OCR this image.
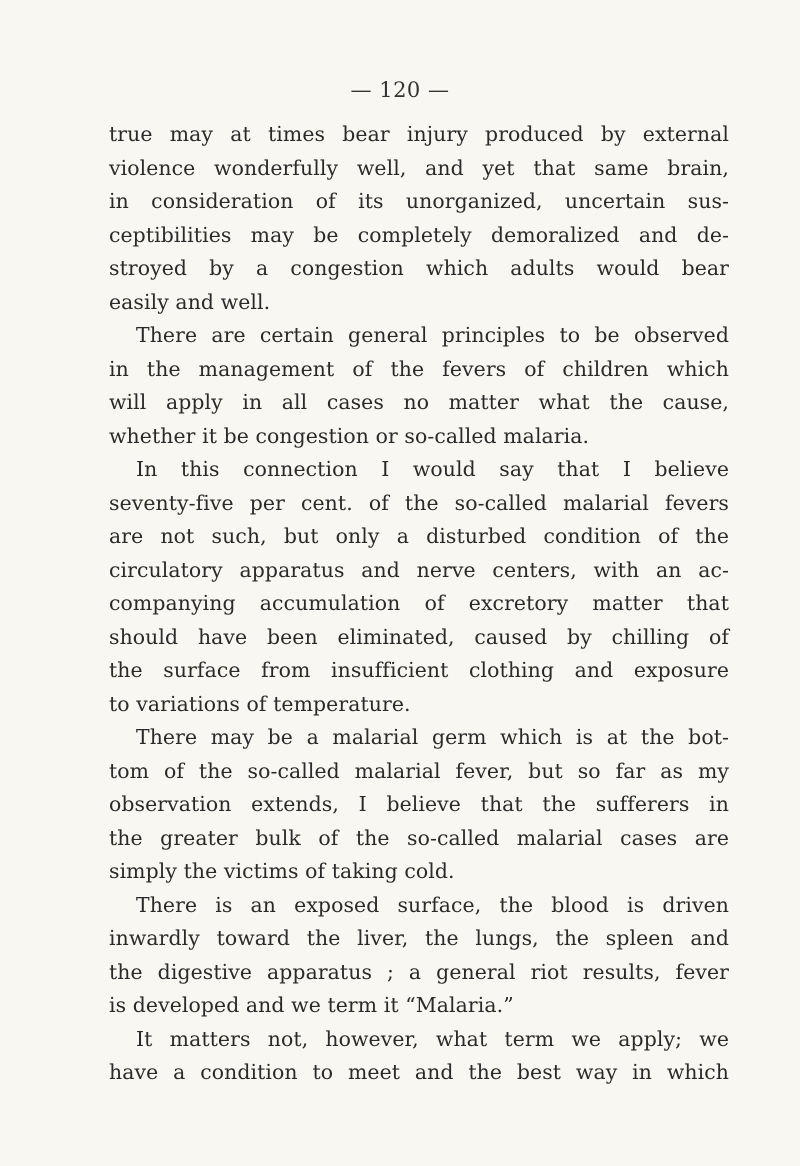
— 120 —
true may at times bear injury produced by external
violence wonderfully well, and yet that same brain,
in consideration of its unorganized, uncertain sus-
ceptibilities may be completely demoralized and de-
stroyed by a congestion which adults would bear
easily and well.
There are certain general principles to be observed
in the management of the fevers of children which
will apply in all cases no matter what the cause,
whether it be congestion or so-called malaria.
In this connection I would say that I believe
seventy-five per cent. of the so-called malarial fevers
are not such, but only a disturbed condition of the
circulatory apparatus and nerve centers, with an ac-
companying accumulation of excretory matter that
should have been eliminated, caused by chilling of
the surface from insufficient clothing and exposure
to variations of temperature.
There may be a malarial germ which is at the bot-
tom of the so-called malarial fever, but so far as my
observation extends, I believe that the sufferers in
the greater bulk of the so-called malarial cases are
simply the victims of taking cold.
There is an exposed surface, the blood is driven
inwardly toward the liver, the lungs, the spleen and
the digestive apparatus ; a general riot results, fever
is developed and we term it “Malaria.”
It matters not, however, what term we apply; we
have a condition to meet and the best way in which
